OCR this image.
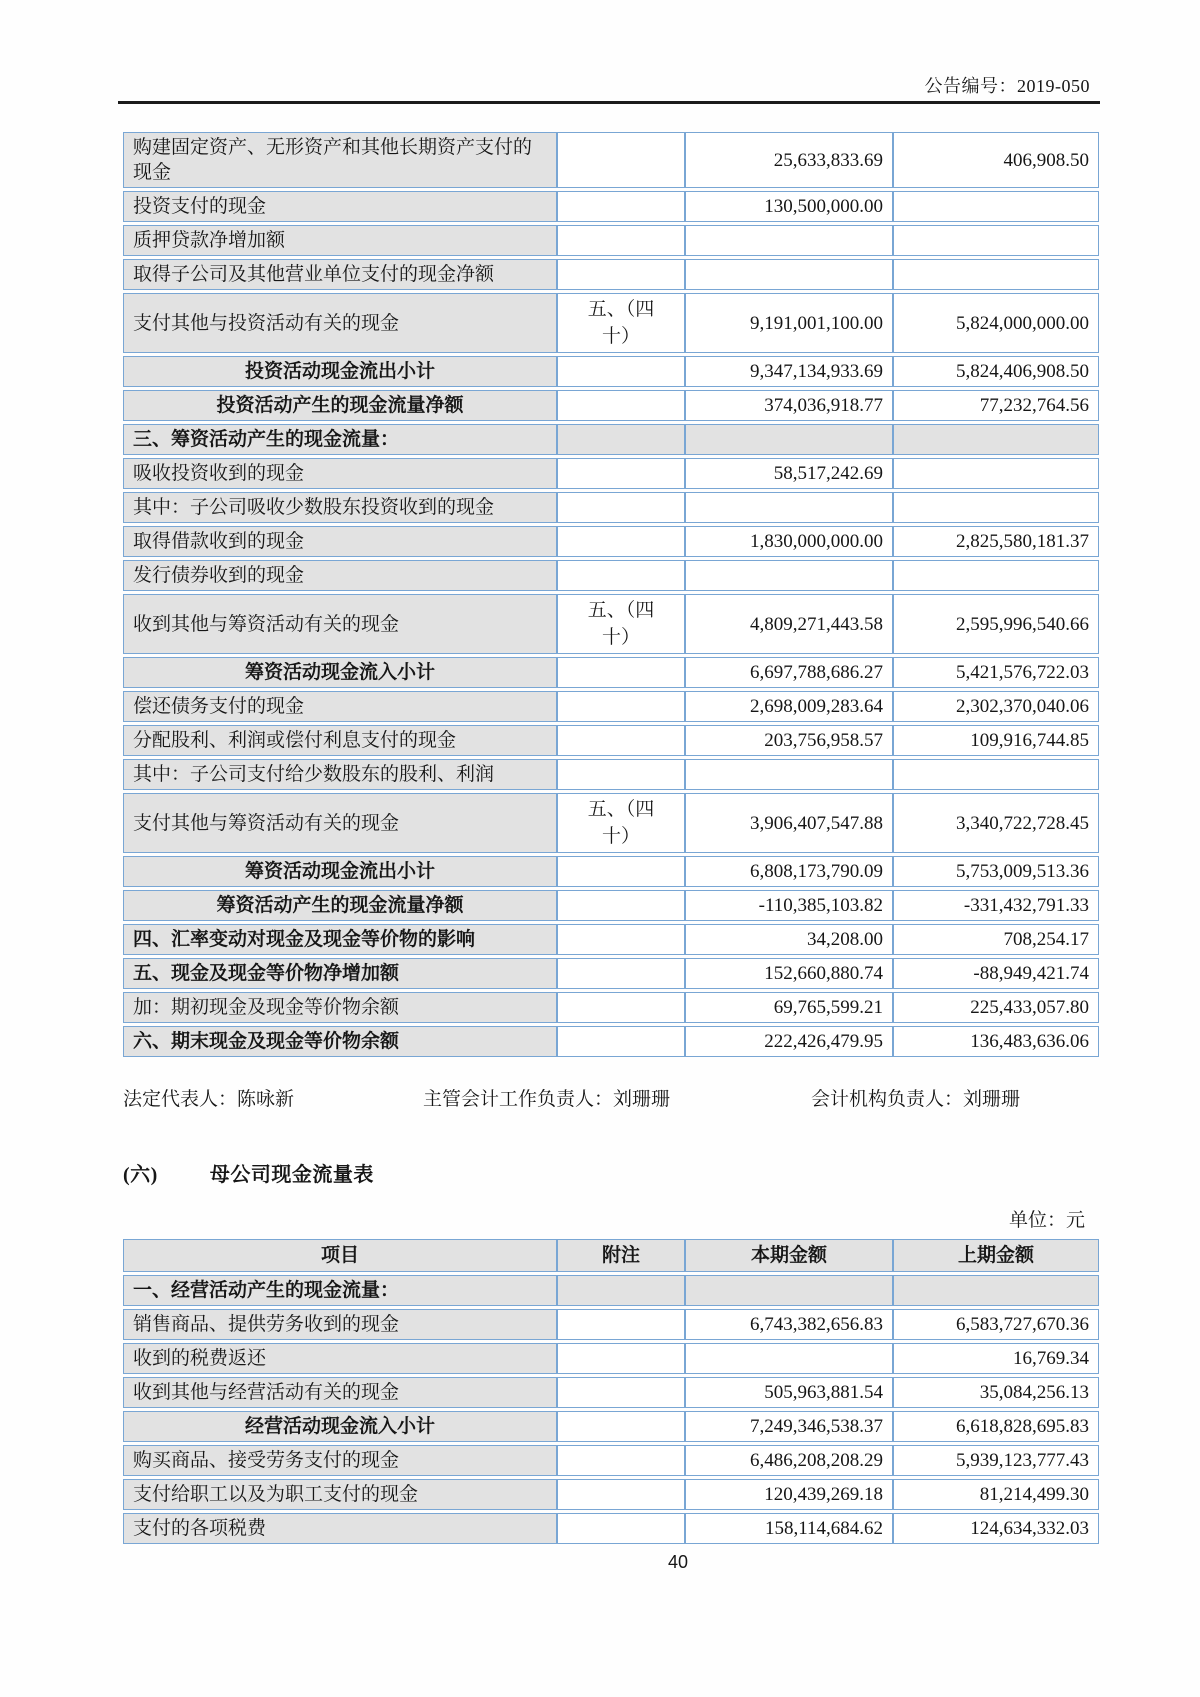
公告编号：2019-050
购建固定资产、无形资产和其他长期资产支付的现金		25,633,833.69	406,908.50
投资支付的现金		130,500,000.00	
质押贷款净增加额			
取得子公司及其他营业单位支付的现金净额			
支付其他与投资活动有关的现金	五、（四十）	9,191,001,100.00	5,824,000,000.00
投资活动现金流出小计		9,347,134,933.69	5,824,406,908.50
投资活动产生的现金流量净额		374,036,918.77	77,232,764.56
三、筹资活动产生的现金流量：			
吸收投资收到的现金		58,517,242.69	
其中：子公司吸收少数股东投资收到的现金			
取得借款收到的现金		1,830,000,000.00	2,825,580,181.37
发行债券收到的现金			
收到其他与筹资活动有关的现金	五、（四十）	4,809,271,443.58	2,595,996,540.66
筹资活动现金流入小计		6,697,788,686.27	5,421,576,722.03
偿还债务支付的现金		2,698,009,283.64	2,302,370,040.06
分配股利、利润或偿付利息支付的现金		203,756,958.57	109,916,744.85
其中：子公司支付给少数股东的股利、利润			
支付其他与筹资活动有关的现金	五、（四十）	3,906,407,547.88	3,340,722,728.45
筹资活动现金流出小计		6,808,173,790.09	5,753,009,513.36
筹资活动产生的现金流量净额		-110,385,103.82	-331,432,791.33
四、汇率变动对现金及现金等价物的影响		34,208.00	708,254.17
五、现金及现金等价物净增加额		152,660,880.74	-88,949,421.74
加：期初现金及现金等价物余额		69,765,599.21	225,433,057.80
六、期末现金及现金等价物余额		222,426,479.95	136,483,636.06
法定代表人：陈咏新	主管会计工作负责人：刘珊珊	会计机构负责人：刘珊珊
(六)	母公司现金流量表
单位：元
项目	附注	本期金额	上期金额
一、经营活动产生的现金流量：			
销售商品、提供劳务收到的现金		6,743,382,656.83	6,583,727,670.36
收到的税费返还			16,769.34
收到其他与经营活动有关的现金		505,963,881.54	35,084,256.13
经营活动现金流入小计		7,249,346,538.37	6,618,828,695.83
购买商品、接受劳务支付的现金		6,486,208,208.29	5,939,123,777.43
支付给职工以及为职工支付的现金		120,439,269.18	81,214,499.30
支付的各项税费		158,114,684.62	124,634,332.03
40
